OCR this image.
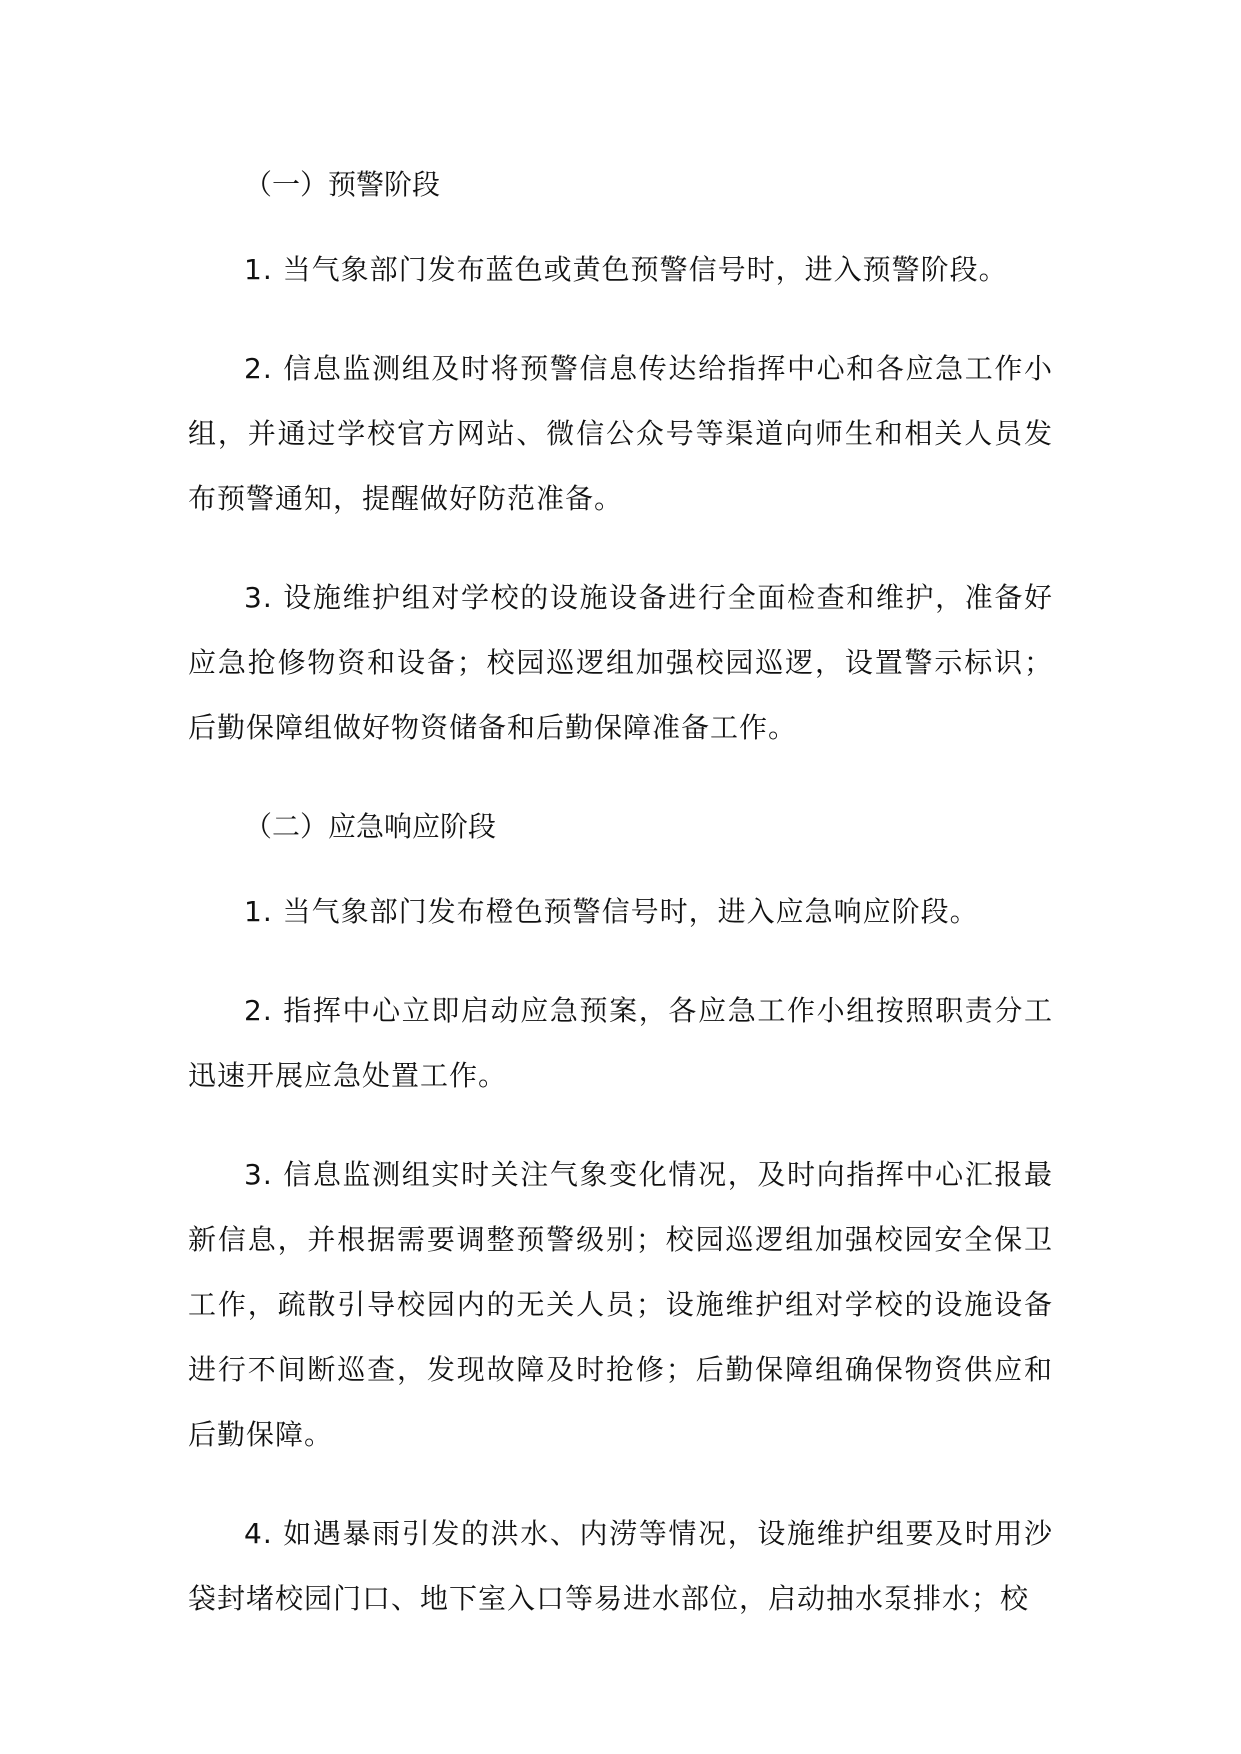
（一）预警阶段

1. 当气象部门发布蓝色或黄色预警信号时，进入预警阶段。

2. 信息监测组及时将预警信息传达给指挥中心和各应急工作小组，并通过学校官方网站、微信公众号等渠道向师生和相关人员发布预警通知，提醒做好防范准备。

3. 设施维护组对学校的设施设备进行全面检查和维护，准备好应急抢修物资和设备；校园巡逻组加强校园巡逻，设置警示标识；后勤保障组做好物资储备和后勤保障准备工作。

（二）应急响应阶段

1. 当气象部门发布橙色预警信号时，进入应急响应阶段。

2. 指挥中心立即启动应急预案，各应急工作小组按照职责分工迅速开展应急处置工作。

3. 信息监测组实时关注气象变化情况，及时向指挥中心汇报最新信息，并根据需要调整预警级别；校园巡逻组加强校园安全保卫工作，疏散引导校园内的无关人员；设施维护组对学校的设施设备进行不间断巡查，发现故障及时抢修；后勤保障组确保物资供应和后勤保障。

4. 如遇暴雨引发的洪水、内涝等情况，设施维护组要及时用沙袋封堵校园门口、地下室入口等易进水部位，启动抽水泵排水；校
